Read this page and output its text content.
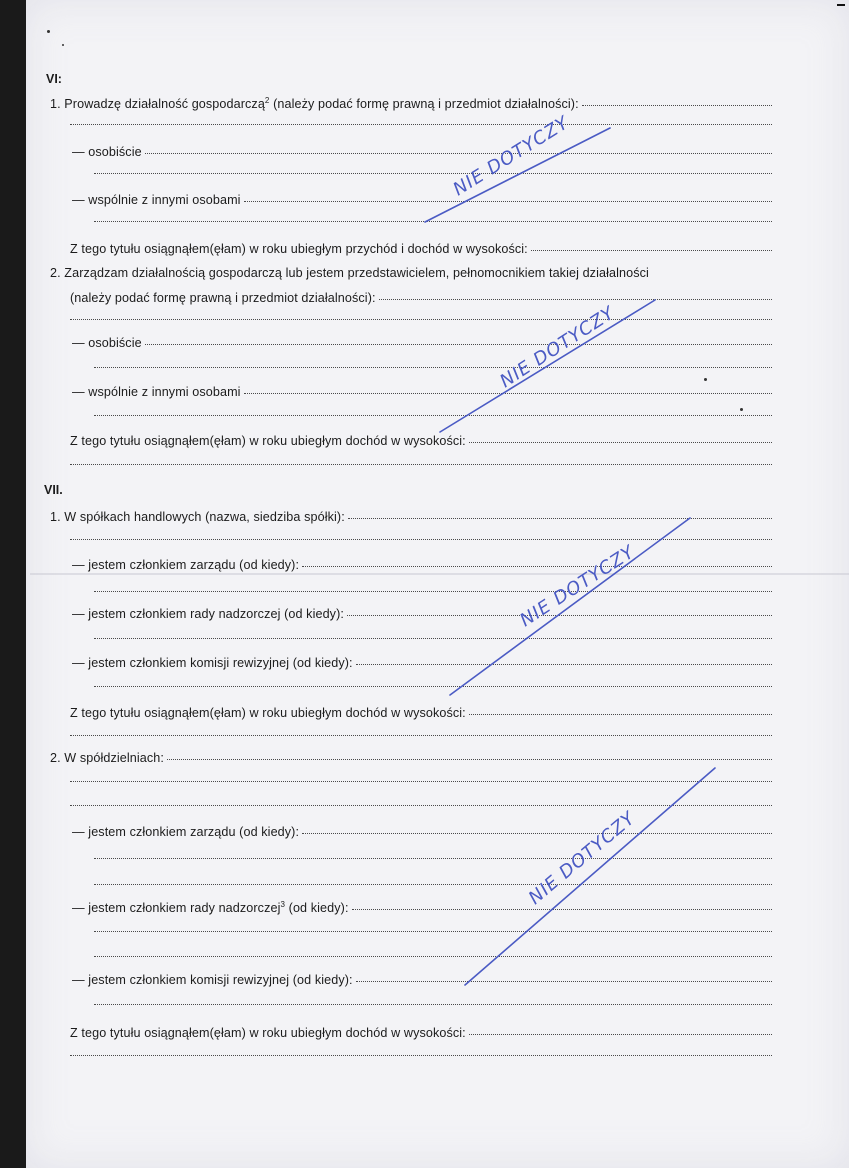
VI:
1. Prowadzę działalność gospodarczą$^2$ (należy podać formę prawną i przedmiot działalności):
— osobiście
— wspólnie z innymi osobami
Z tego tytułu osiągnąłem(ęłam) w roku ubiegłym przychód i dochód w wysokości:
2. Zarządzam działalnością gospodarczą lub jestem przedstawicielem, pełnomocnikiem takiej działalności
(należy podać formę prawną i przedmiot działalności):
— osobiście
— wspólnie z innymi osobami
Z tego tytułu osiągnąłem(ęłam) w roku ubiegłym dochód w wysokości:
VII.
1. W spółkach handlowych (nazwa, siedziba spółki):
— jestem członkiem zarządu (od kiedy):
— jestem członkiem rady nadzorczej (od kiedy):
— jestem członkiem komisji rewizyjnej (od kiedy):
Z tego tytułu osiągnąłem(ęłam) w roku ubiegłym dochód w wysokości:
2. W spółdzielniach:
— jestem członkiem zarządu (od kiedy):
— jestem członkiem rady nadzorczej$^3$ (od kiedy):
— jestem członkiem komisji rewizyjnej (od kiedy):
Z tego tytułu osiągnąłem(ęłam) w roku ubiegłym dochód w wysokości:
NIE DOTYCZY
NIE DOTYCZY
NIE DOTYCZY
NIE DOTYCZY
